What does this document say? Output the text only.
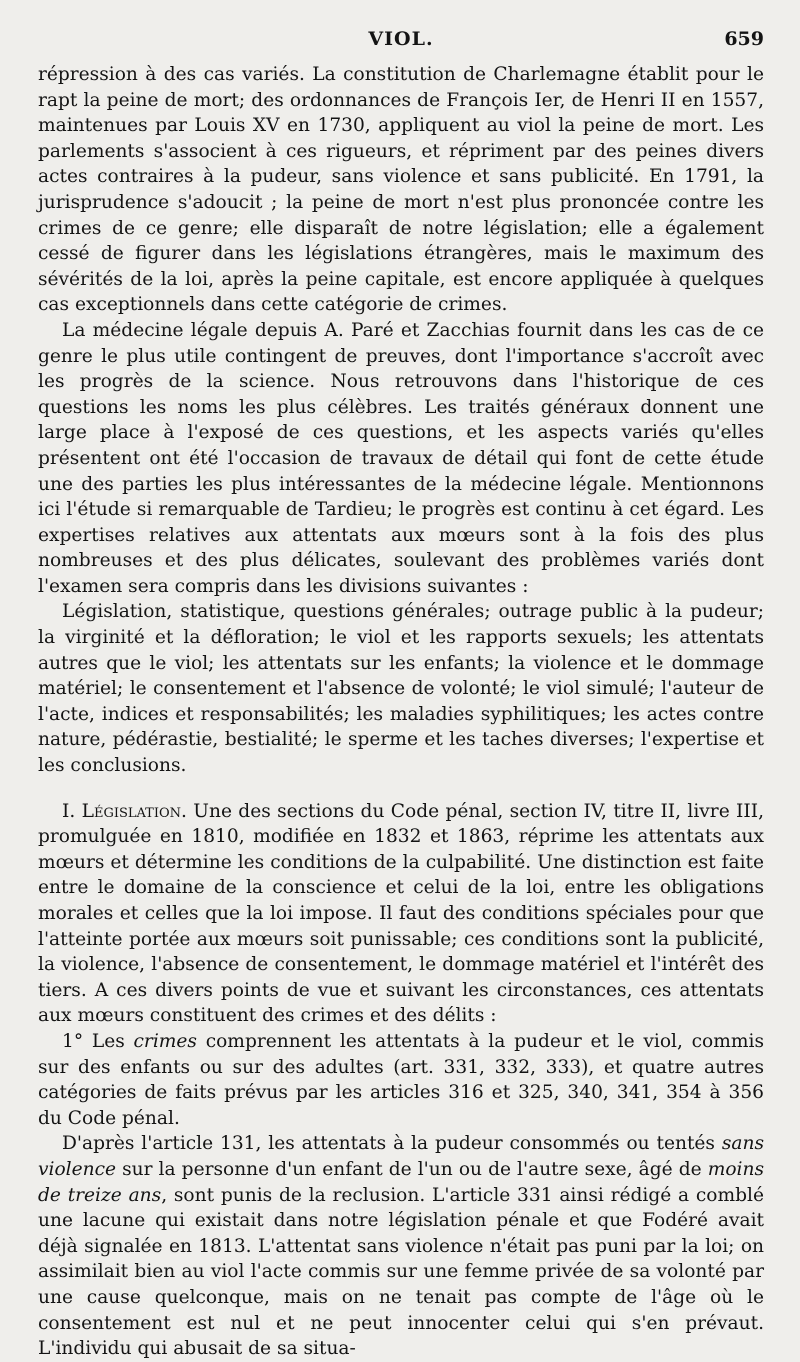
VIOL.	659

répression à des cas variés. La constitution de Charlemagne établit pour le rapt la peine de mort; des ordonnances de François Ier, de Henri II en 1557, maintenues par Louis XV en 1730, appliquent au viol la peine de mort. Les parlements s'associent à ces rigueurs, et répriment par des peines divers actes contraires à la pudeur, sans violence et sans publicité. En 1791, la jurisprudence s'adoucit ; la peine de mort n'est plus prononcée contre les crimes de ce genre; elle disparaît de notre législation; elle a également cessé de figurer dans les législations étrangères, mais le maximum des sévérités de la loi, après la peine capitale, est encore appliquée à quelques cas exceptionnels dans cette catégorie de crimes.

La médecine légale depuis A. Paré et Zacchias fournit dans les cas de ce genre le plus utile contingent de preuves, dont l'importance s'accroît avec les progrès de la science. Nous retrouvons dans l'historique de ces questions les noms les plus célèbres. Les traités généraux donnent une large place à l'exposé de ces questions, et les aspects variés qu'elles présentent ont été l'occasion de travaux de détail qui font de cette étude une des parties les plus intéressantes de la médecine légale. Mentionnons ici l'étude si remarquable de Tardieu; le progrès est continu à cet égard. Les expertises relatives aux attentats aux mœurs sont à la fois des plus nombreuses et des plus délicates, soulevant des problèmes variés dont l'examen sera compris dans les divisions suivantes :

Législation, statistique, questions générales; outrage public à la pudeur; la virginité et la défloration; le viol et les rapports sexuels; les attentats autres que le viol; les attentats sur les enfants; la violence et le dommage matériel; le consentement et l'absence de volonté; le viol simulé; l'auteur de l'acte, indices et responsabilités; les maladies syphilitiques; les actes contre nature, pédérastie, bestialité; le sperme et les taches diverses; l'expertise et les conclusions.

I. Législation. Une des sections du Code pénal, section IV, titre II, livre III, promulguée en 1810, modifiée en 1832 et 1863, réprime les attentats aux mœurs et détermine les conditions de la culpabilité. Une distinction est faite entre le domaine de la conscience et celui de la loi, entre les obligations morales et celles que la loi impose. Il faut des conditions spéciales pour que l'atteinte portée aux mœurs soit punissable; ces conditions sont la publicité, la violence, l'absence de consentement, le dommage matériel et l'intérêt des tiers. A ces divers points de vue et suivant les circonstances, ces attentats aux mœurs constituent des crimes et des délits :

1° Les crimes comprennent les attentats à la pudeur et le viol, commis sur des enfants ou sur des adultes (art. 331, 332, 333), et quatre autres catégories de faits prévus par les articles 316 et 325, 340, 341, 354 à 356 du Code pénal.

D'après l'article 131, les attentats à la pudeur consommés ou tentés sans violence sur la personne d'un enfant de l'un ou de l'autre sexe, âgé de moins de treize ans, sont punis de la reclusion. L'article 331 ainsi rédigé a comblé une lacune qui existait dans notre législation pénale et que Fodéré avait déjà signalée en 1813. L'attentat sans violence n'était pas puni par la loi; on assimilait bien au viol l'acte commis sur une femme privée de sa volonté par une cause quelconque, mais on ne tenait pas compte de l'âge où le consentement est nul et ne peut innocenter celui qui s'en prévaut. L'individu qui abusait de sa situa-
